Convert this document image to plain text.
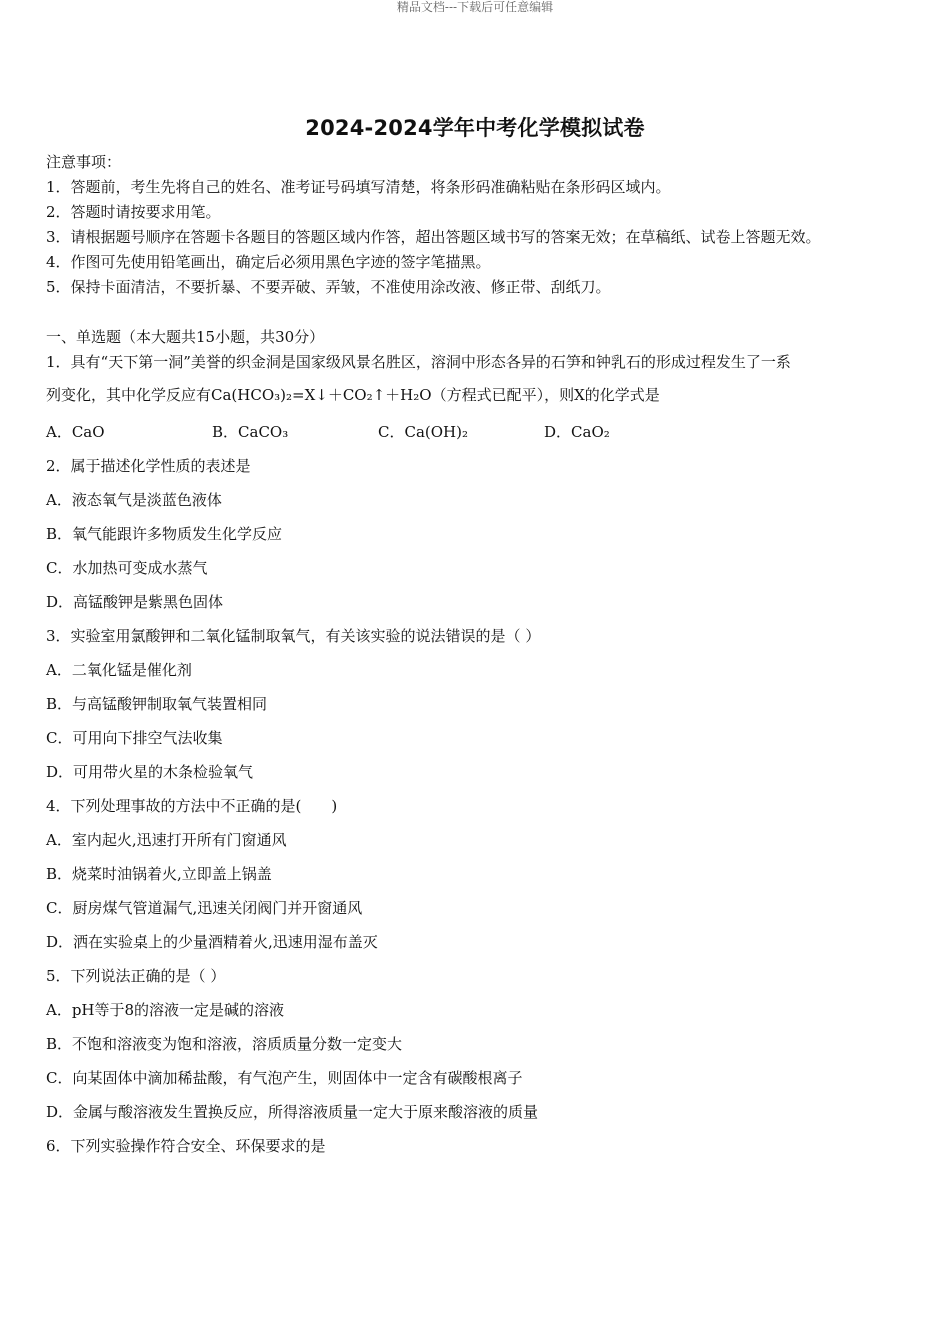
精品文档---下载后可任意编辑
2024-2024学年中考化学模拟试卷
注意事项：
1．答题前，考生先将自己的姓名、准考证号码填写清楚，将条形码准确粘贴在条形码区域内。
2．答题时请按要求用笔。
3．请根据题号顺序在答题卡各题目的答题区域内作答，超出答题区域书写的答案无效；在草稿纸、试卷上答题无效。
4．作图可先使用铅笔画出，确定后必须用黑色字迹的签字笔描黑。
5．保持卡面清洁，不要折暴、不要弄破、弄皱，不准使用涂改液、修正带、刮纸刀。
一、单选题（本大题共15小题，共30分）
1．具有“天下第一洞”美誉的织金洞是国家级风景名胜区，溶洞中形态各异的石笋和钟乳石的形成过程发生了一系
列变化，其中化学反应有Ca(HCO₃)₂=X↓＋CO₂↑＋H₂O（方程式已配平），则X的化学式是
A．CaO	B．CaCO₃	C．Ca(OH)₂	D．CaO₂
2．属于描述化学性质的表述是
A．液态氧气是淡蓝色液体
B．氧气能跟许多物质发生化学反应
C．水加热可变成水蒸气
D．高锰酸钾是紫黑色固体
3．实验室用氯酸钾和二氧化锰制取氧气，有关该实验的说法错误的是（ ）
A．二氧化锰是催化剂
B．与高锰酸钾制取氧气装置相同
C．可用向下排空气法收集
D．可用带火星的木条检验氧气
4．下列处理事故的方法中不正确的是(　　)
A．室内起火,迅速打开所有门窗通风
B．烧菜时油锅着火,立即盖上锅盖
C．厨房煤气管道漏气,迅速关闭阀门并开窗通风
D．洒在实验桌上的少量酒精着火,迅速用湿布盖灭
5．下列说法正确的是（ ）
A．pH等于8的溶液一定是碱的溶液
B．不饱和溶液变为饱和溶液，溶质质量分数一定变大
C．向某固体中滴加稀盐酸，有气泡产生，则固体中一定含有碳酸根离子
D．金属与酸溶液发生置换反应，所得溶液质量一定大于原来酸溶液的质量
6．下列实验操作符合安全、环保要求的是
